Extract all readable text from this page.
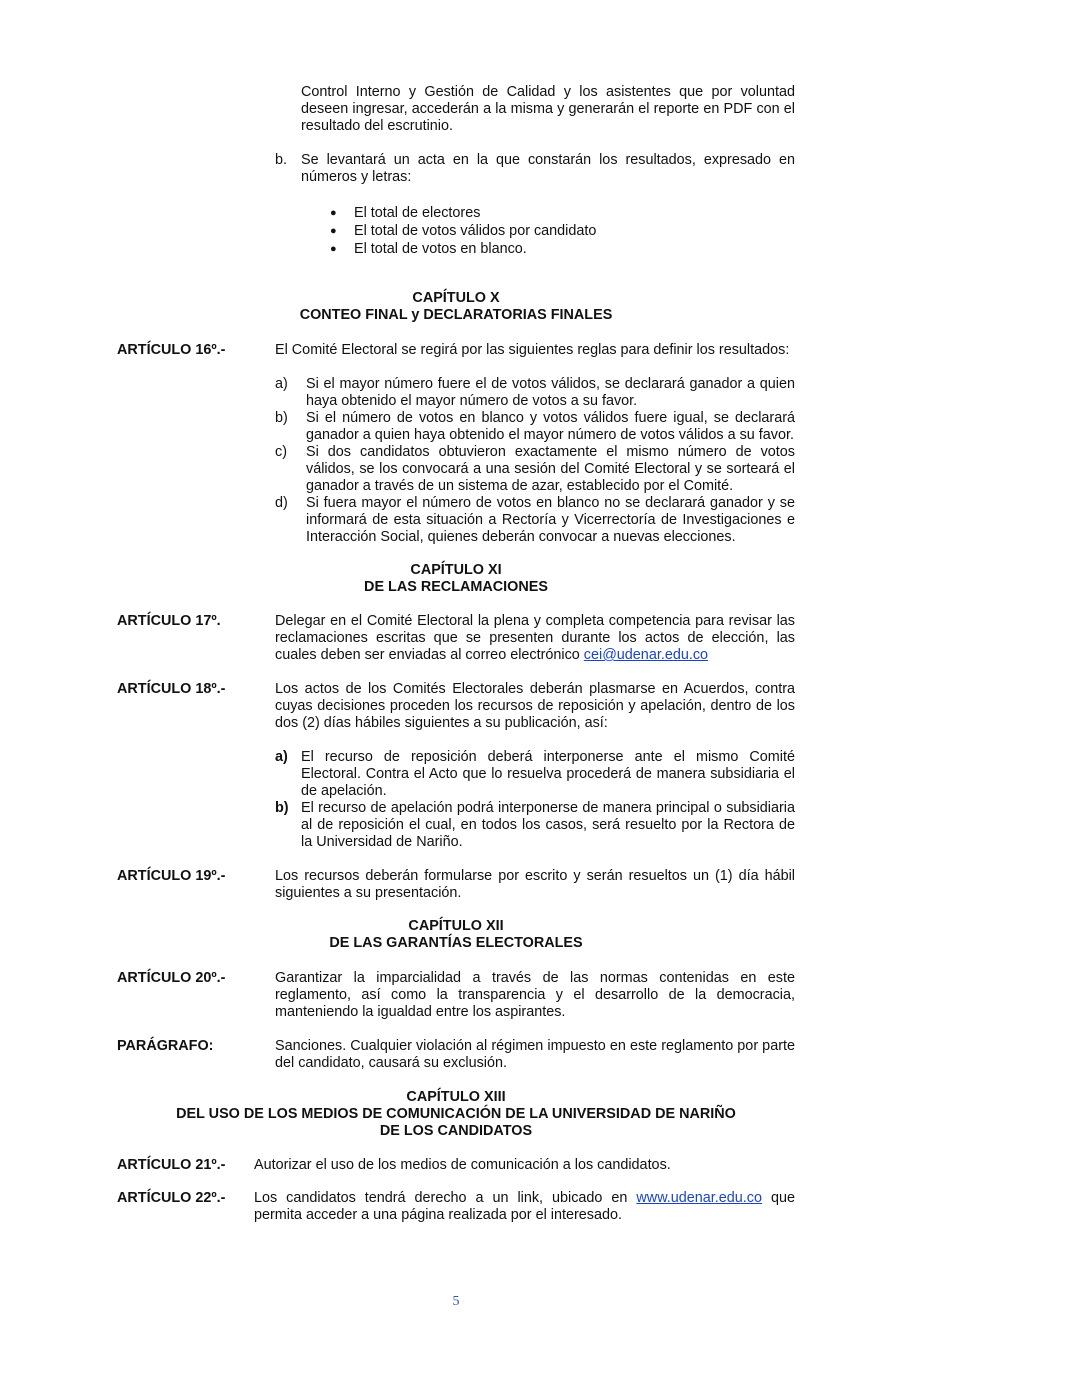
Control Interno y Gestión de Calidad y los asistentes que por voluntad deseen ingresar, accederán a la misma y generarán el reporte en PDF con el resultado del escrutinio.
b. Se levantará un acta en la que constarán los resultados, expresado en números y letras:
● El total de electores
● El total de votos válidos por candidato
● El total de votos en blanco.
CAPÍTULO X
CONTEO FINAL y DECLARATORIAS FINALES
ARTÍCULO 16º.-	El Comité Electoral se regirá por las siguientes reglas para definir los resultados:
a) Si el mayor número fuere el de votos válidos, se declarará ganador a quien haya obtenido el mayor número de votos a su favor.
b) Si el número de votos en blanco y votos válidos fuere igual, se declarará ganador a quien haya obtenido el mayor número de votos válidos a su favor.
c) Si dos candidatos obtuvieron exactamente el mismo número de votos válidos, se los convocará a una sesión del Comité Electoral y se sorteará el ganador a través de un sistema de azar, establecido por el Comité.
d) Si fuera mayor el número de votos en blanco no se declarará ganador y se informará de esta situación a Rectoría y Vicerrectoría de Investigaciones e Interacción Social, quienes deberán convocar a nuevas elecciones.
CAPÍTULO XI
DE LAS RECLAMACIONES
ARTÍCULO 17º.	Delegar en el Comité Electoral la plena y completa competencia para revisar las reclamaciones escritas que se presenten durante los actos de elección, las cuales deben ser enviadas al correo electrónico cei@udenar.edu.co
ARTÍCULO 18º.-	Los actos de los Comités Electorales deberán plasmarse en Acuerdos, contra cuyas decisiones proceden los recursos de reposición y apelación, dentro de los dos (2) días hábiles siguientes a su publicación, así:
a) El recurso de reposición deberá interponerse ante el mismo Comité Electoral. Contra el Acto que lo resuelva procederá de manera subsidiaria el de apelación.
b) El recurso de apelación podrá interponerse de manera principal o subsidiaria al de reposición el cual, en todos los casos, será resuelto por la Rectora de la Universidad de Nariño.
ARTÍCULO 19º.-	Los recursos deberán formularse por escrito y serán resueltos un (1) día hábil siguientes a su presentación.
CAPÍTULO XII
DE LAS GARANTÍAS ELECTORALES
ARTÍCULO 20º.-	Garantizar la imparcialidad a través de las normas contenidas en este reglamento, así como la transparencia y el desarrollo de la democracia, manteniendo la igualdad entre los aspirantes.
PARÁGRAFO:	Sanciones. Cualquier violación al régimen impuesto en este reglamento por parte del candidato, causará su exclusión.
CAPÍTULO XIII
DEL USO DE LOS MEDIOS DE COMUNICACIÓN DE LA UNIVERSIDAD DE NARIÑO
DE LOS CANDIDATOS
ARTÍCULO 21º.- Autorizar el uso de los medios de comunicación a los candidatos.
ARTÍCULO 22º.- Los candidatos tendrá derecho a un link, ubicado en www.udenar.edu.co que permita acceder a una página realizada por el interesado.
5
